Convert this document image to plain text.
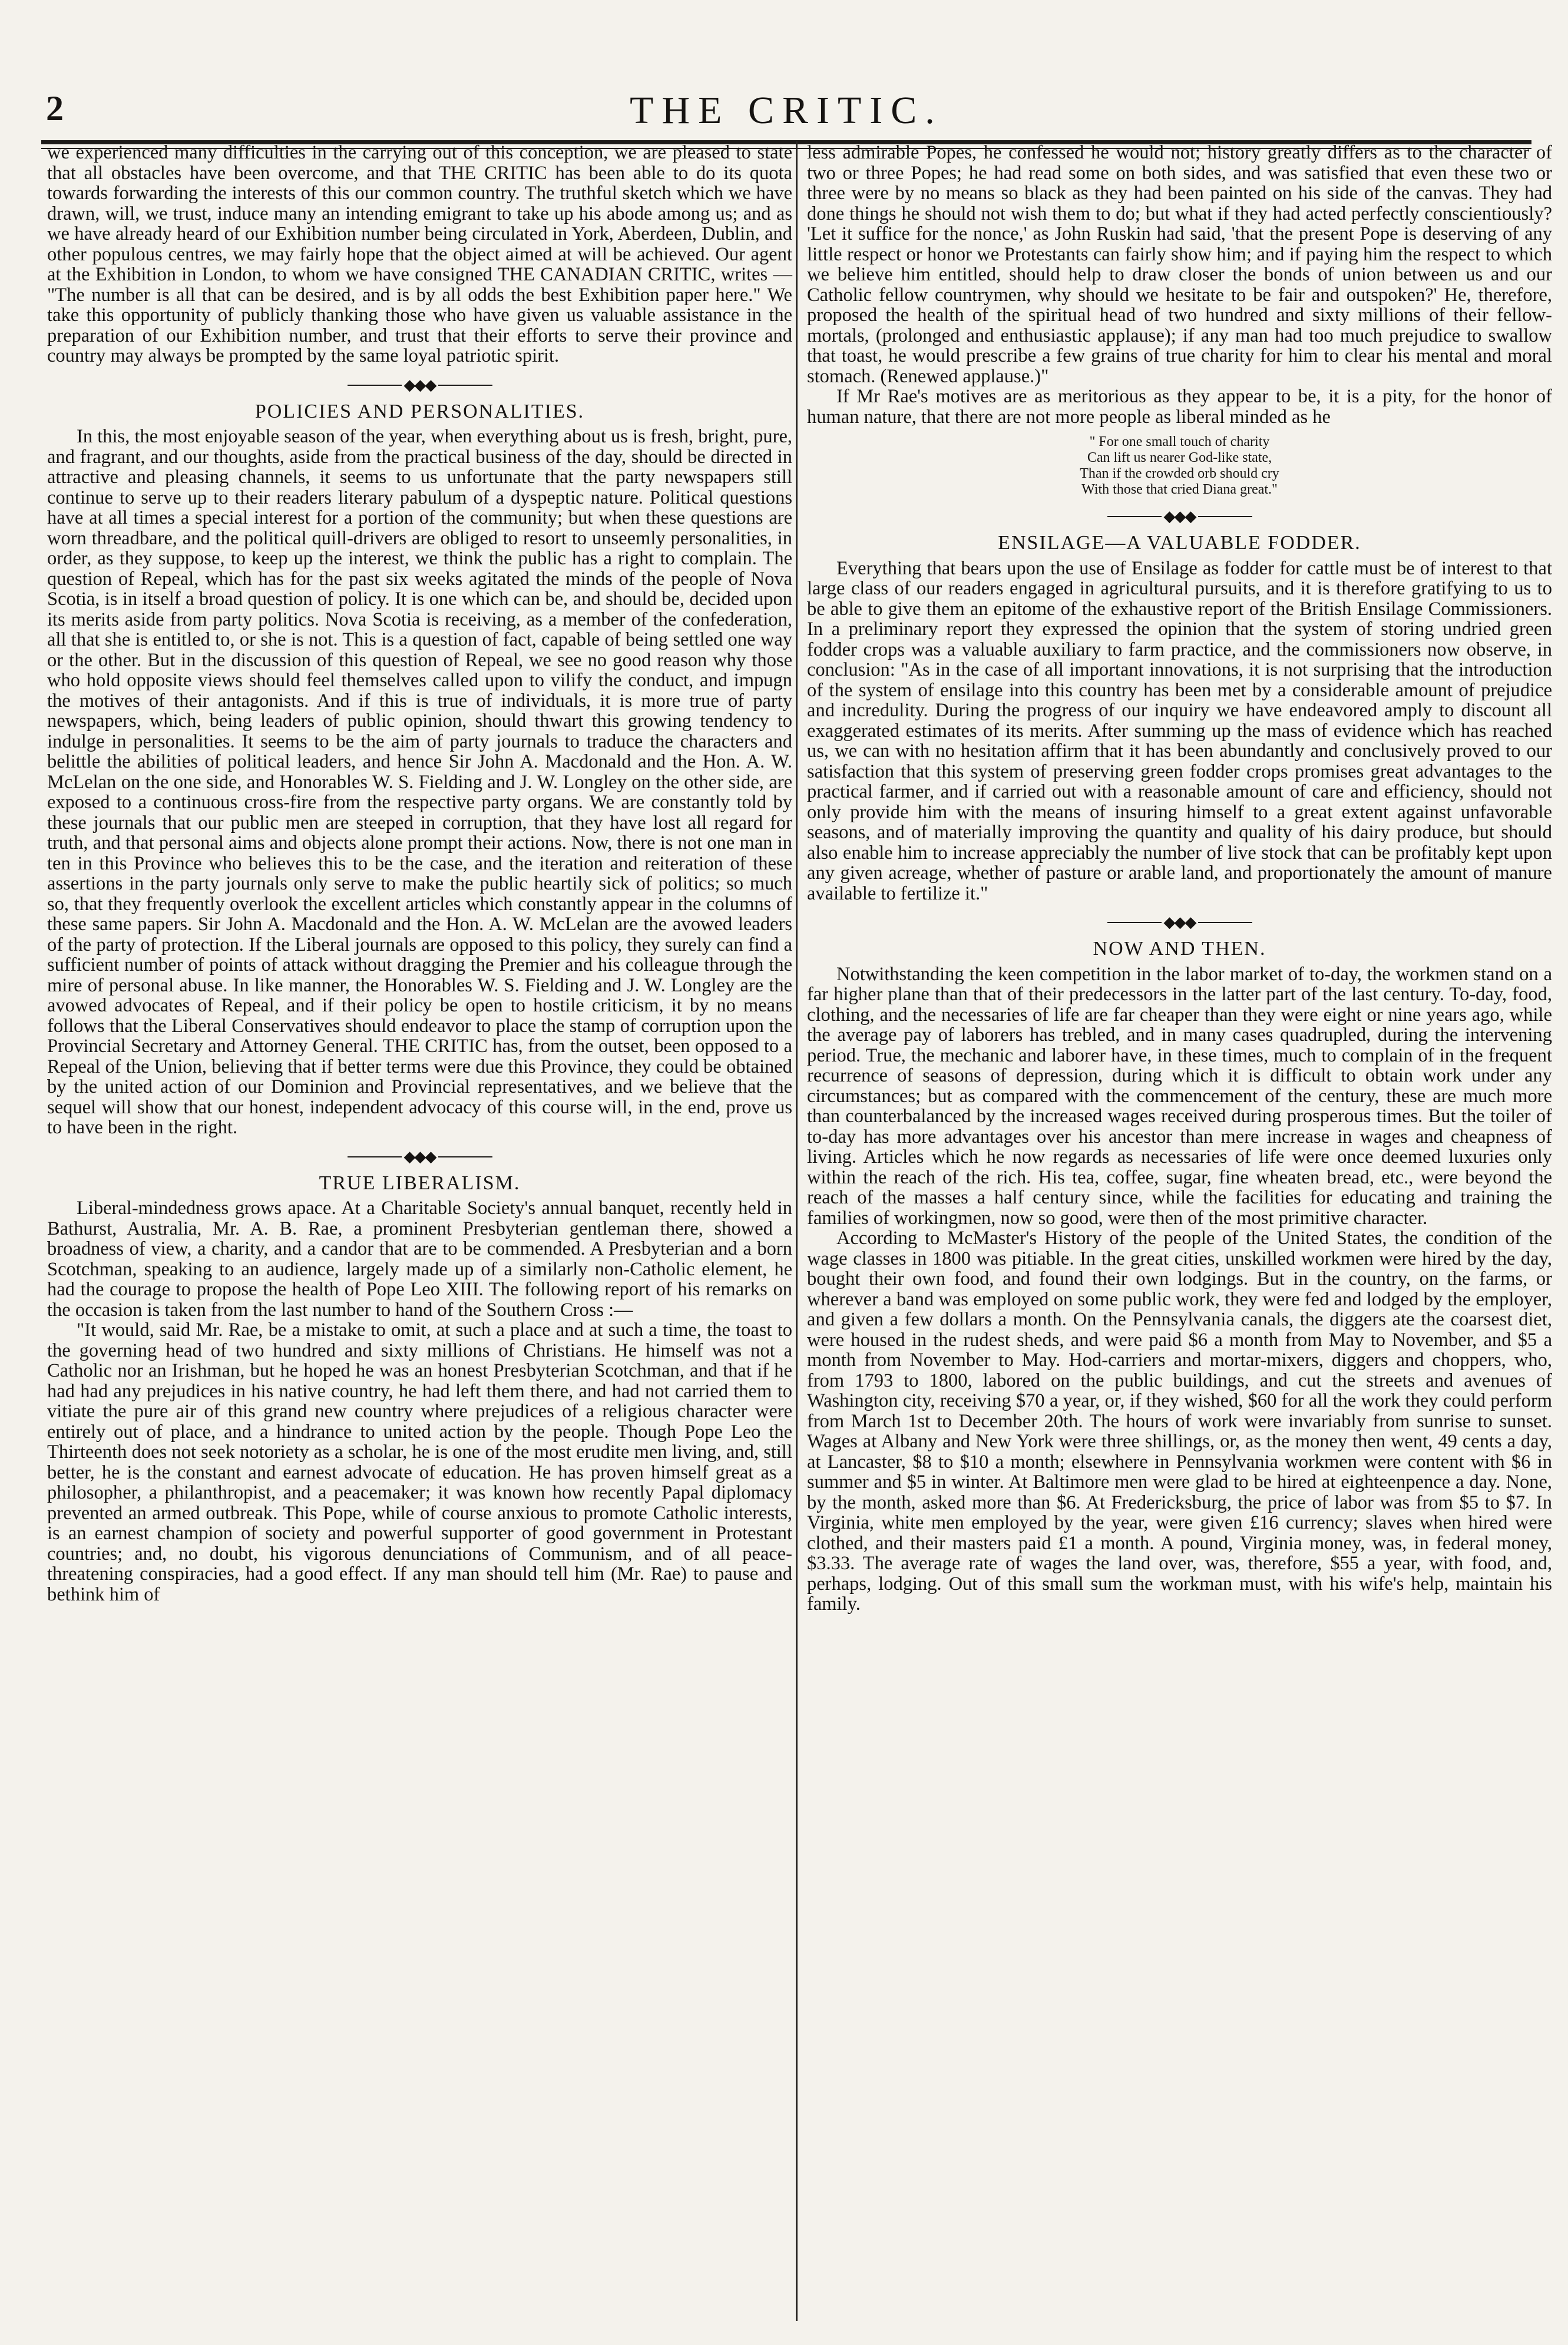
2	THE CRITIC.

we experienced many difficulties in the carrying out of this conception, we are pleased to state that all obstacles have been overcome, and that THE CRITIC has been able to do its quota towards forwarding the interests of this our common country. The truthful sketch which we have drawn, will, we trust, induce many an intending emigrant to take up his abode among us; and as we have already heard of our Exhibition number being circulated in York, Aberdeen, Dublin, and other populous centres, we may fairly hope that the object aimed at will be achieved. Our agent at the Exhibition in London, to whom we have consigned THE CANADIAN CRITIC, writes — "The number is all that can be desired, and is by all odds the best Exhibition paper here." We take this opportunity of publicly thanking those who have given us valuable assistance in the preparation of our Exhibition number, and trust that their efforts to serve their province and country may always be prompted by the same loyal patriotic spirit.

◆◆◆
POLICIES AND PERSONALITIES.

In this, the most enjoyable season of the year, when everything about us is fresh, bright, pure, and fragrant, and our thoughts, aside from the practical business of the day, should be directed in attractive and pleasing channels, it seems to us unfortunate that the party newspapers still continue to serve up to their readers literary pabulum of a dyspeptic nature. Political questions have at all times a special interest for a portion of the community; but when these questions are worn threadbare, and the political quill-drivers are obliged to resort to unseemly personalities, in order, as they suppose, to keep up the interest, we think the public has a right to complain. The question of Repeal, which has for the past six weeks agitated the minds of the people of Nova Scotia, is in itself a broad question of policy. It is one which can be, and should be, decided upon its merits aside from party politics. Nova Scotia is receiving, as a member of the confederation, all that she is entitled to, or she is not. This is a question of fact, capable of being settled one way or the other. But in the discussion of this question of Repeal, we see no good reason why those who hold opposite views should feel themselves called upon to vilify the conduct, and impugn the motives of their antagonists. And if this is true of individuals, it is more true of party newspapers, which, being leaders of public opinion, should thwart this growing tendency to indulge in personalities. It seems to be the aim of party journals to traduce the characters and belittle the abilities of political leaders, and hence Sir John A. Macdonald and the Hon. A. W. McLelan on the one side, and Honorables W. S. Fielding and J. W. Longley on the other side, are exposed to a continuous cross-fire from the respective party organs. We are constantly told by these journals that our public men are steeped in corruption, that they have lost all regard for truth, and that personal aims and objects alone prompt their actions. Now, there is not one man in ten in this Province who believes this to be the case, and the iteration and reiteration of these assertions in the party journals only serve to make the public heartily sick of politics; so much so, that they frequently overlook the excellent articles which constantly appear in the columns of these same papers. Sir John A. Macdonald and the Hon. A. W. McLelan are the avowed leaders of the party of protection. If the Liberal journals are opposed to this policy, they surely can find a sufficient number of points of attack without dragging the Premier and his colleague through the mire of personal abuse. In like manner, the Honorables W. S. Fielding and J. W. Longley are the avowed advocates of Repeal, and if their policy be open to hostile criticism, it by no means follows that the Liberal Conservatives should endeavor to place the stamp of corruption upon the Provincial Secretary and Attorney General. THE CRITIC has, from the outset, been opposed to a Repeal of the Union, believing that if better terms were due this Province, they could be obtained by the united action of our Dominion and Provincial representatives, and we believe that the sequel will show that our honest, independent advocacy of this course will, in the end, prove us to have been in the right.

◆◆◆
TRUE LIBERALISM.

Liberal-mindedness grows apace. At a Charitable Society's annual banquet, recently held in Bathurst, Australia, Mr. A. B. Rae, a prominent Presbyterian gentleman there, showed a broadness of view, a charity, and a candor that are to be commended. A Presbyterian and a born Scotchman, speaking to an audience, largely made up of a similarly non-Catholic element, he had the courage to propose the health of Pope Leo XIII. The following report of his remarks on the occasion is taken from the last number to hand of the Southern Cross :—

"It would, said Mr. Rae, be a mistake to omit, at such a place and at such a time, the toast to the governing head of two hundred and sixty millions of Christians. He himself was not a Catholic nor an Irishman, but he hoped he was an honest Presbyterian Scotchman, and that if he had had any prejudices in his native country, he had left them there, and had not carried them to vitiate the pure air of this grand new country where prejudices of a religious character were entirely out of place, and a hindrance to united action by the people. Though Pope Leo the Thirteenth does not seek notoriety as a scholar, he is one of the most erudite men living, and, still better, he is the constant and earnest advocate of education. He has proven himself great as a philosopher, a philanthropist, and a peacemaker; it was known how recently Papal diplomacy prevented an armed outbreak. This Pope, while of course anxious to promote Catholic interests, is an earnest champion of society and powerful supporter of good government in Protestant countries; and, no doubt, his vigorous denunciations of Communism, and of all peace-threatening conspiracies, had a good effect. If any man should tell him (Mr. Rae) to pause and bethink him of

less admirable Popes, he confessed he would not; history greatly differs as to the character of two or three Popes; he had read some on both sides, and was satisfied that even these two or three were by no means so black as they had been painted on his side of the canvas. They had done things he should not wish them to do; but what if they had acted perfectly conscientiously? 'Let it suffice for the nonce,' as John Ruskin had said, 'that the present Pope is deserving of any little respect or honor we Protestants can fairly show him; and if paying him the respect to which we believe him entitled, should help to draw closer the bonds of union between us and our Catholic fellow countrymen, why should we hesitate to be fair and outspoken?' He, therefore, proposed the health of the spiritual head of two hundred and sixty millions of their fellow-mortals, (prolonged and enthusiastic applause); if any man had too much prejudice to swallow that toast, he would prescribe a few grains of true charity for him to clear his mental and moral stomach. (Renewed applause.)"

If Mr Rae's motives are as meritorious as they appear to be, it is a pity, for the honor of human nature, that there are not more people as liberal minded as he

" For one small touch of charity
Can lift us nearer God-like state,
Than if the crowded orb should cry
With those that cried Diana great."
◆◆◆
ENSILAGE—A VALUABLE FODDER.

Everything that bears upon the use of Ensilage as fodder for cattle must be of interest to that large class of our readers engaged in agricultural pursuits, and it is therefore gratifying to us to be able to give them an epitome of the exhaustive report of the British Ensilage Commissioners. In a preliminary report they expressed the opinion that the system of storing undried green fodder crops was a valuable auxiliary to farm practice, and the commissioners now observe, in conclusion: "As in the case of all important innovations, it is not surprising that the introduction of the system of ensilage into this country has been met by a considerable amount of prejudice and incredulity. During the progress of our inquiry we have endeavored amply to discount all exaggerated estimates of its merits. After summing up the mass of evidence which has reached us, we can with no hesitation affirm that it has been abundantly and conclusively proved to our satisfaction that this system of preserving green fodder crops promises great advantages to the practical farmer, and if carried out with a reasonable amount of care and efficiency, should not only provide him with the means of insuring himself to a great extent against unfavorable seasons, and of materially improving the quantity and quality of his dairy produce, but should also enable him to increase appreciably the number of live stock that can be profitably kept upon any given acreage, whether of pasture or arable land, and proportionately the amount of manure available to fertilize it."

◆◆◆
NOW AND THEN.

Notwithstanding the keen competition in the labor market of to-day, the workmen stand on a far higher plane than that of their predecessors in the latter part of the last century. To-day, food, clothing, and the necessaries of life are far cheaper than they were eight or nine years ago, while the average pay of laborers has trebled, and in many cases quadrupled, during the intervening period. True, the mechanic and laborer have, in these times, much to complain of in the frequent recurrence of seasons of depression, during which it is difficult to obtain work under any circumstances; but as compared with the commencement of the century, these are much more than counterbalanced by the increased wages received during prosperous times. But the toiler of to-day has more advantages over his ancestor than mere increase in wages and cheapness of living. Articles which he now regards as necessaries of life were once deemed luxuries only within the reach of the rich. His tea, coffee, sugar, fine wheaten bread, etc., were beyond the reach of the masses a half century since, while the facilities for educating and training the families of workingmen, now so good, were then of the most primitive character.

According to McMaster's History of the people of the United States, the condition of the wage classes in 1800 was pitiable. In the great cities, unskilled workmen were hired by the day, bought their own food, and found their own lodgings. But in the country, on the farms, or wherever a band was employed on some public work, they were fed and lodged by the employer, and given a few dollars a month. On the Pennsylvania canals, the diggers ate the coarsest diet, were housed in the rudest sheds, and were paid $6 a month from May to November, and $5 a month from November to May. Hod-carriers and mortar-mixers, diggers and choppers, who, from 1793 to 1800, labored on the public buildings, and cut the streets and avenues of Washington city, receiving $70 a year, or, if they wished, $60 for all the work they could perform from March 1st to December 20th. The hours of work were invariably from sunrise to sunset. Wages at Albany and New York were three shillings, or, as the money then went, 49 cents a day, at Lancaster, $8 to $10 a month; elsewhere in Pennsylvania workmen were content with $6 in summer and $5 in winter. At Baltimore men were glad to be hired at eighteenpence a day. None, by the month, asked more than $6. At Fredericksburg, the price of labor was from $5 to $7. In Virginia, white men employed by the year, were given £16 currency; slaves when hired were clothed, and their masters paid £1 a month. A pound, Virginia money, was, in federal money, $3.33. The average rate of wages the land over, was, therefore, $55 a year, with food, and, perhaps, lodging. Out of this small sum the workman must, with his wife's help, maintain his family.
